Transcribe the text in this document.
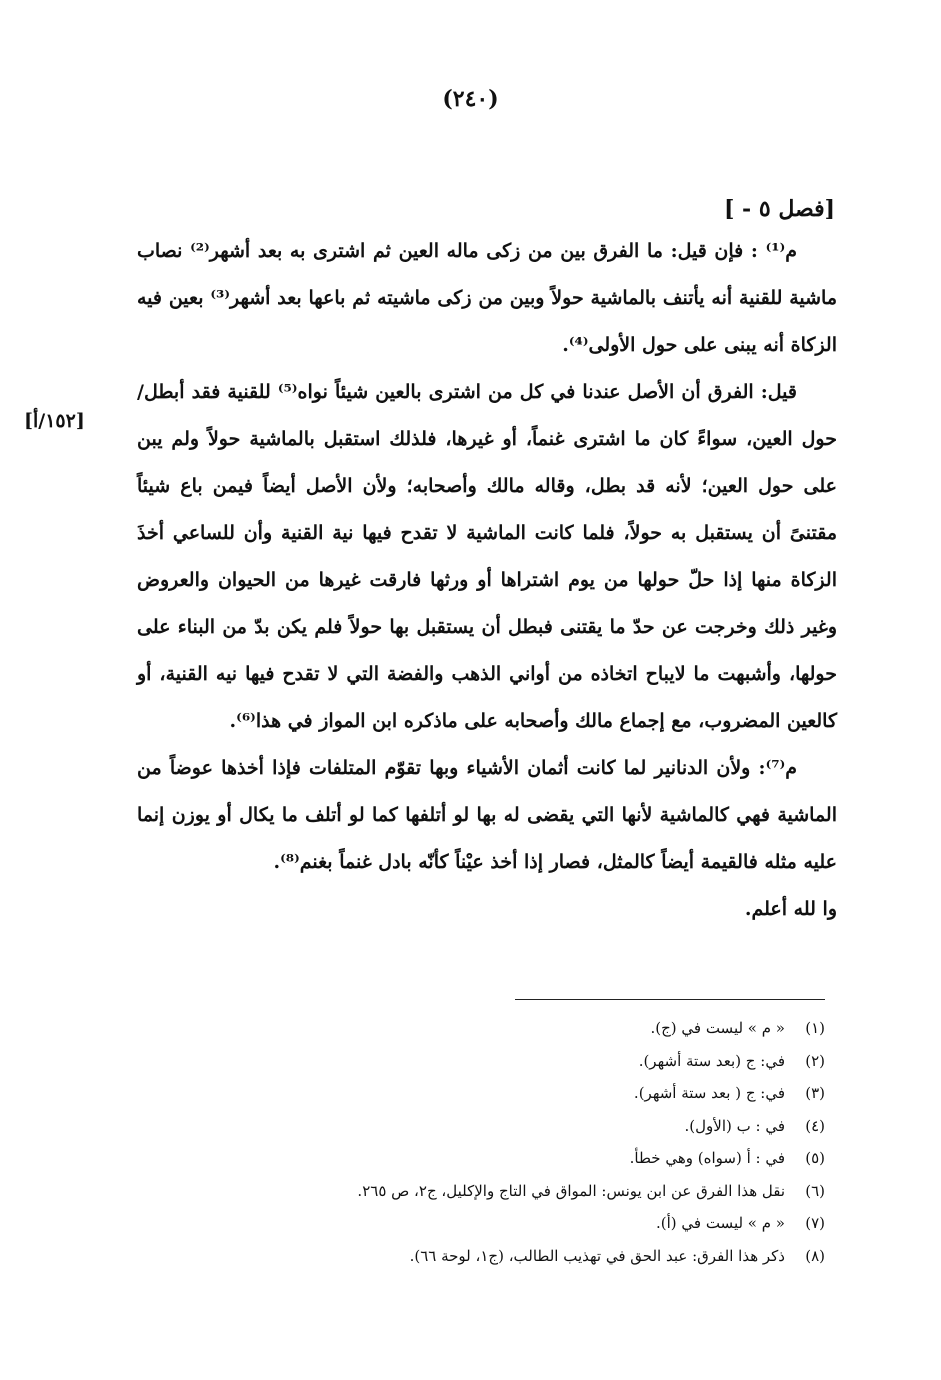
(٢٤٠)
[فصل ٥ - ]
[١٥٢/أ]

م⁽¹⁾ : فإن قيل: ما الفرق بين من زكى ماله العين ثم اشترى به بعد أشهر⁽²⁾ نصاب ماشية للقنية أنه يأتنف بالماشية حولاً وبين من زكى ماشيته ثم باعها بعد أشهر⁽³⁾ بعين فيه الزكاة أنه يبنى على حول الأولى⁽⁴⁾.

قيل: الفرق أن الأصل عندنا في كل من اشترى بالعين شيئاً نواه⁽⁵⁾ للقنية فقد أبطل/ حول العين، سواءً كان ما اشترى غنماً، أو غيرها، فلذلك استقبل بالماشية حولاً ولم يبن على حول العين؛ لأنه قد بطل، وقاله مالك وأصحابه؛ ولأن الأصل أيضاً فيمن باع شيئاً مقتنىً أن يستقبل به حولاً، فلما كانت الماشية لا تقدح فيها نية القنية وأن للساعي أخذَ الزكاة منها إذا حلّ حولها من يوم اشتراها أو ورثها فارقت غيرها من الحيوان والعروض وغير ذلك وخرجت عن حدّ ما يقتنى فبطل أن يستقبل بها حولاً فلم يكن بدّ من البناء على حولها، وأشبهت ما لايباح اتخاذه من أواني الذهب والفضة التي لا تقدح فيها نيه القنية، أو كالعين المضروب، مع إجماع مالك وأصحابه على ماذكره ابن المواز في هذا⁽⁶⁾.

م⁽⁷⁾: ولأن الدنانير لما كانت أثمان الأشياء وبها تقوّم المتلفات فإذا أخذها عوضاً من الماشية فهي كالماشية لأنها التي يقضى له بها لو أتلفها كما لو أتلف ما يكال أو يوزن إنما عليه مثله فالقيمة أيضاً كالمثل، فصار إذا أخذ عيْناً كأنّه بادل غنماً بغنم⁽⁸⁾.

وا لله أعلم.

(١)
« م » ليست في (ج).
(٢)
في: ج (بعد ستة أشهر).
(٣)
في: ج ( بعد ستة أشهر).
(٤)
في : ب (الأول).
(٥)
في : أ (سواه) وهي خطأ.
(٦)
نقل هذا الفرق عن ابن يونس: المواق في التاج والإكليل، ج٢، ص ٢٦٥.
(٧)
« م » ليست في (أ).
(٨)
ذكر هذا الفرق: عبد الحق في تهذيب الطالب، (ج١، لوحة ٦٦).
